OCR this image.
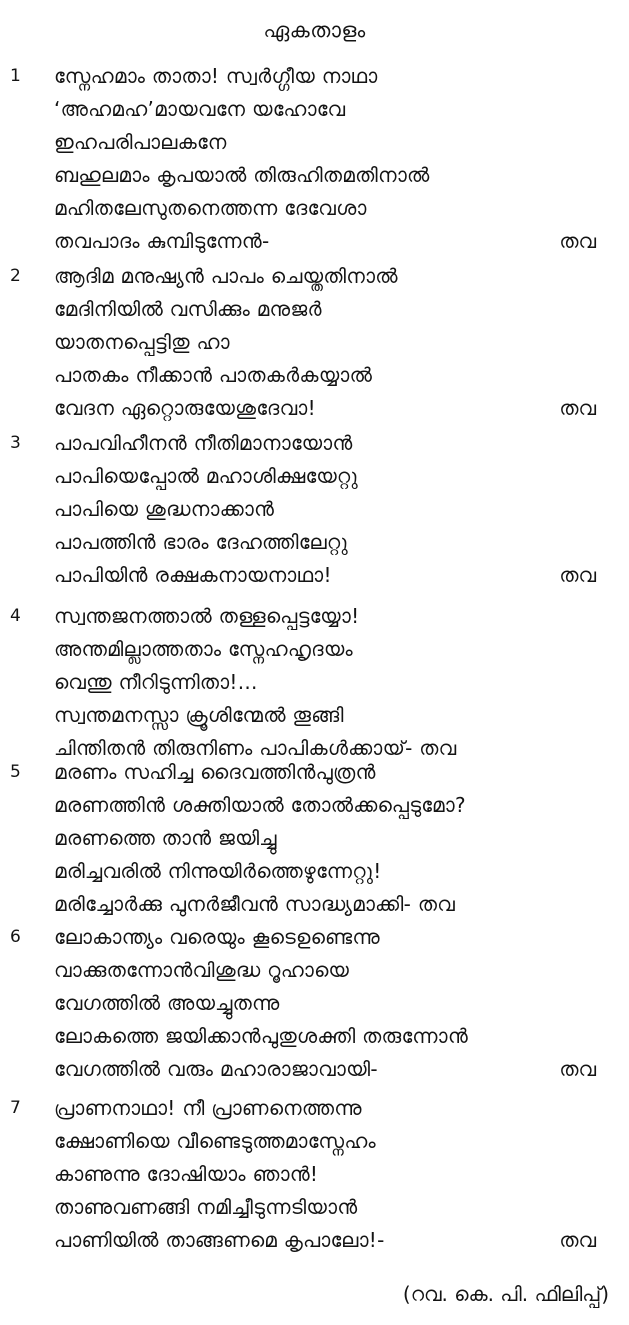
ഏകതാളം
1	സ്നേഹമാം താതാ! സ്വർഗ്ഗീയ നാഥാ
‘അഹമഹ’മായവനേ യഹോവേ
ഇഹപരിപാലകനേ
ബഹുലമാം കൃപയാൽ തിരുഹിതമതിനാൽ
മഹിതലേസുതനെത്തന്ന ദേവേശാ
തവപാദം കുമ്പിടുന്നേൻ-	തവ
2	ആദിമ മനുഷ്യൻ പാപം ചെയ്തതിനാൽ
മേദിനിയിൽ വസിക്കും മനുജർ
യാതനപ്പെട്ടിതു ഹാ
പാതകം നീക്കാൻ പാതകർകയ്യാൽ
വേദന ഏറ്റൊരുയേശുദേവാ!	തവ
3	പാപവിഹീനൻ നീതിമാനായോൻ
പാപിയെപ്പോൽ മഹാശിക്ഷയേറ്റു
പാപിയെ ശുദ്ധനാക്കാൻ
പാപത്തിൻ ഭാരം ദേഹത്തിലേറ്റു
പാപിയിൻ രക്ഷകനായനാഥാ!	തവ
4	സ്വന്തജനത്താൽ തള്ളപ്പെട്ടയ്യോ!
അന്തമില്ലാത്തതാം സ്നേഹഹൃദയം
വെന്തു നീറിടുന്നിതാ!...
സ്വന്തമനസ്സാ ക്രൂശിന്മേൽ തൂങ്ങി
ചിന്തിതൻ തിരുനിണം പാപികൾക്കായ്- തവ
5	മരണം സഹിച്ച ദൈവത്തിൻപുത്രൻ
മരണത്തിൻ ശക്തിയാൽ തോൽക്കപ്പെടുമോ?
മരണത്തെ താൻ ജയിച്ചു
മരിച്ചവരിൽ നിന്നുയിർത്തെഴുന്നേറ്റു!
മരിച്ചോർക്കു പുനർജീവൻ സാദ്ധ്യമാക്കി- തവ
6	ലോകാന്ത്യം വരെയും കൂടെഉണ്ടെന്നു
വാക്കുതന്നോൻവിശുദ്ധ റൂഹായെ
വേഗത്തിൽ അയച്ചുതന്നു
ലോകത്തെ ജയിക്കാൻപുതുശക്തി തരുന്നോൻ
വേഗത്തിൽ വരും മഹാരാജാവായി-	തവ
7	പ്രാണനാഥാ! നീ പ്രാണനെത്തന്നു
ക്ഷോണിയെ വീണ്ടെടുത്തമാസ്നേഹം
കാണുന്നു ദോഷിയാം ഞാൻ!
താണുവണങ്ങി നമിച്ചീടുന്നടിയാൻ
പാണിയിൽ താങ്ങണമെ കൃപാലോ!-	തവ
(റവ. കെ. പി. ഫിലിപ്പ്)
